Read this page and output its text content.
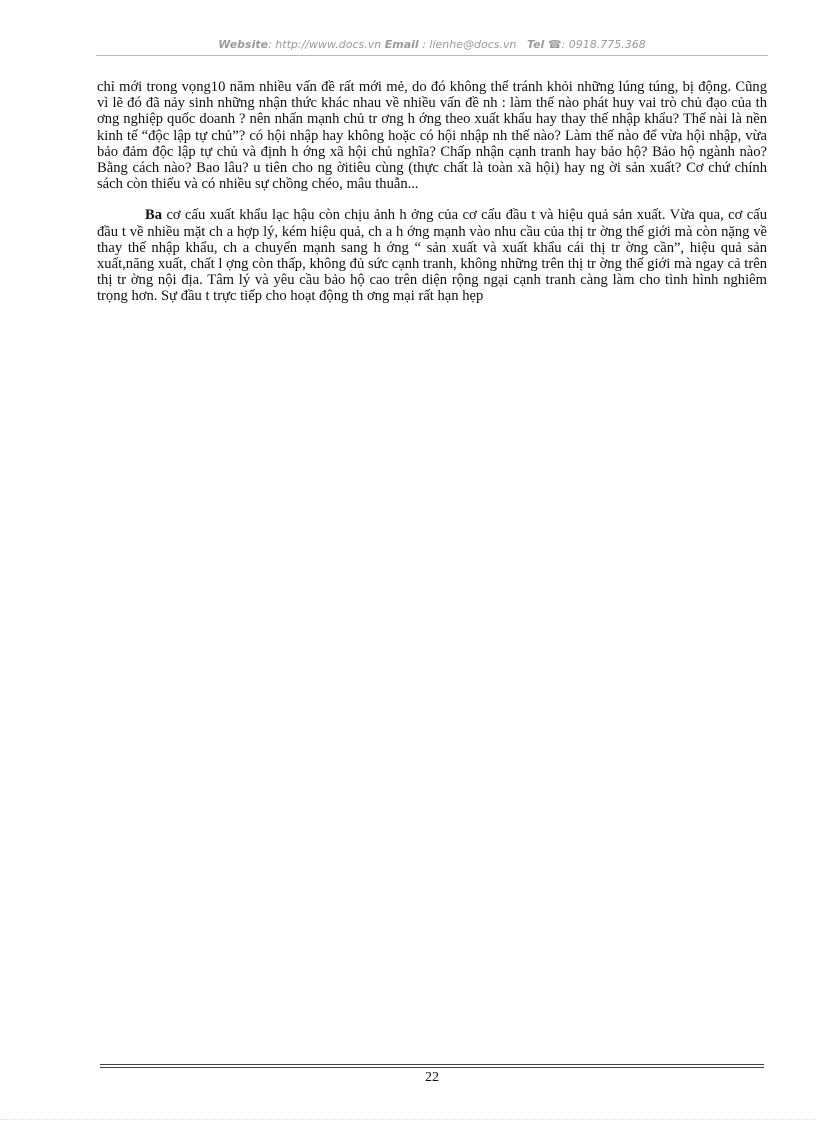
Website: http://www.docs.vn Email : lienhe@docs.vn Tel ☎: 0918.775.368

chỉ mới trong vọng10 năm nhiều vấn đề rất mới mẻ, do đó không thể tránh khỏi những lúng túng, bị động. Cũng vì lẽ đó đã nảy sinh những nhận thức khác nhau về nhiều vấn đề nh : làm thế nào phát huy vai trò chủ đạo của th ơng nghiệp quốc doanh ? nên nhấn mạnh chủ tr ơng h ớng theo xuất khẩu hay thay thế nhập khẩu? Thế nài là nền kinh tế “độc lập tự chủ”? có hội nhập hay không hoặc có hội nhập nh thế nào? Làm thế nào để vừa hội nhập, vừa bảo đảm độc lập tự chủ và định h ớng xã hội chủ nghĩa? Chấp nhận cạnh tranh hay bảo hộ? Bảo hộ ngành nào? Bằng cách nào? Bao lâu? u tiên cho ng ờitiêu cùng (thực chất là toàn xã hội) hay ng ời sản xuất? Cơ chứ chính sách còn thiếu và có nhiều sự chồng chéo, mâu thuẫn...

Ba cơ cấu xuất khẩu lạc hậu còn chịu ảnh h ởng của cơ cấu đầu t và hiệu quả sản xuất. Vừa qua, cơ cấu đầu t về nhiều mặt ch a hợp lý, kém hiệu quả, ch a h ớng mạnh vào nhu cầu của thị tr ờng thế giới mà còn nặng về thay thế nhập khẩu, ch a chuyển mạnh sang h ớng “ sản xuất và xuất khẩu cái thị tr ờng cần”, hiệu quả sản xuất,năng xuất, chất l ợng còn thấp, không đủ sức cạnh tranh, không những trên thị tr ờng thế giới mà ngay cả trên thị tr ờng nội địa. Tâm lý và yêu cầu bảo hộ cao trên diện rộng ngại cạnh tranh càng làm cho tình hình nghiêm trọng hơn. Sự đầu t trực tiếp cho hoạt động th ơng mại rất hạn hẹp

22
